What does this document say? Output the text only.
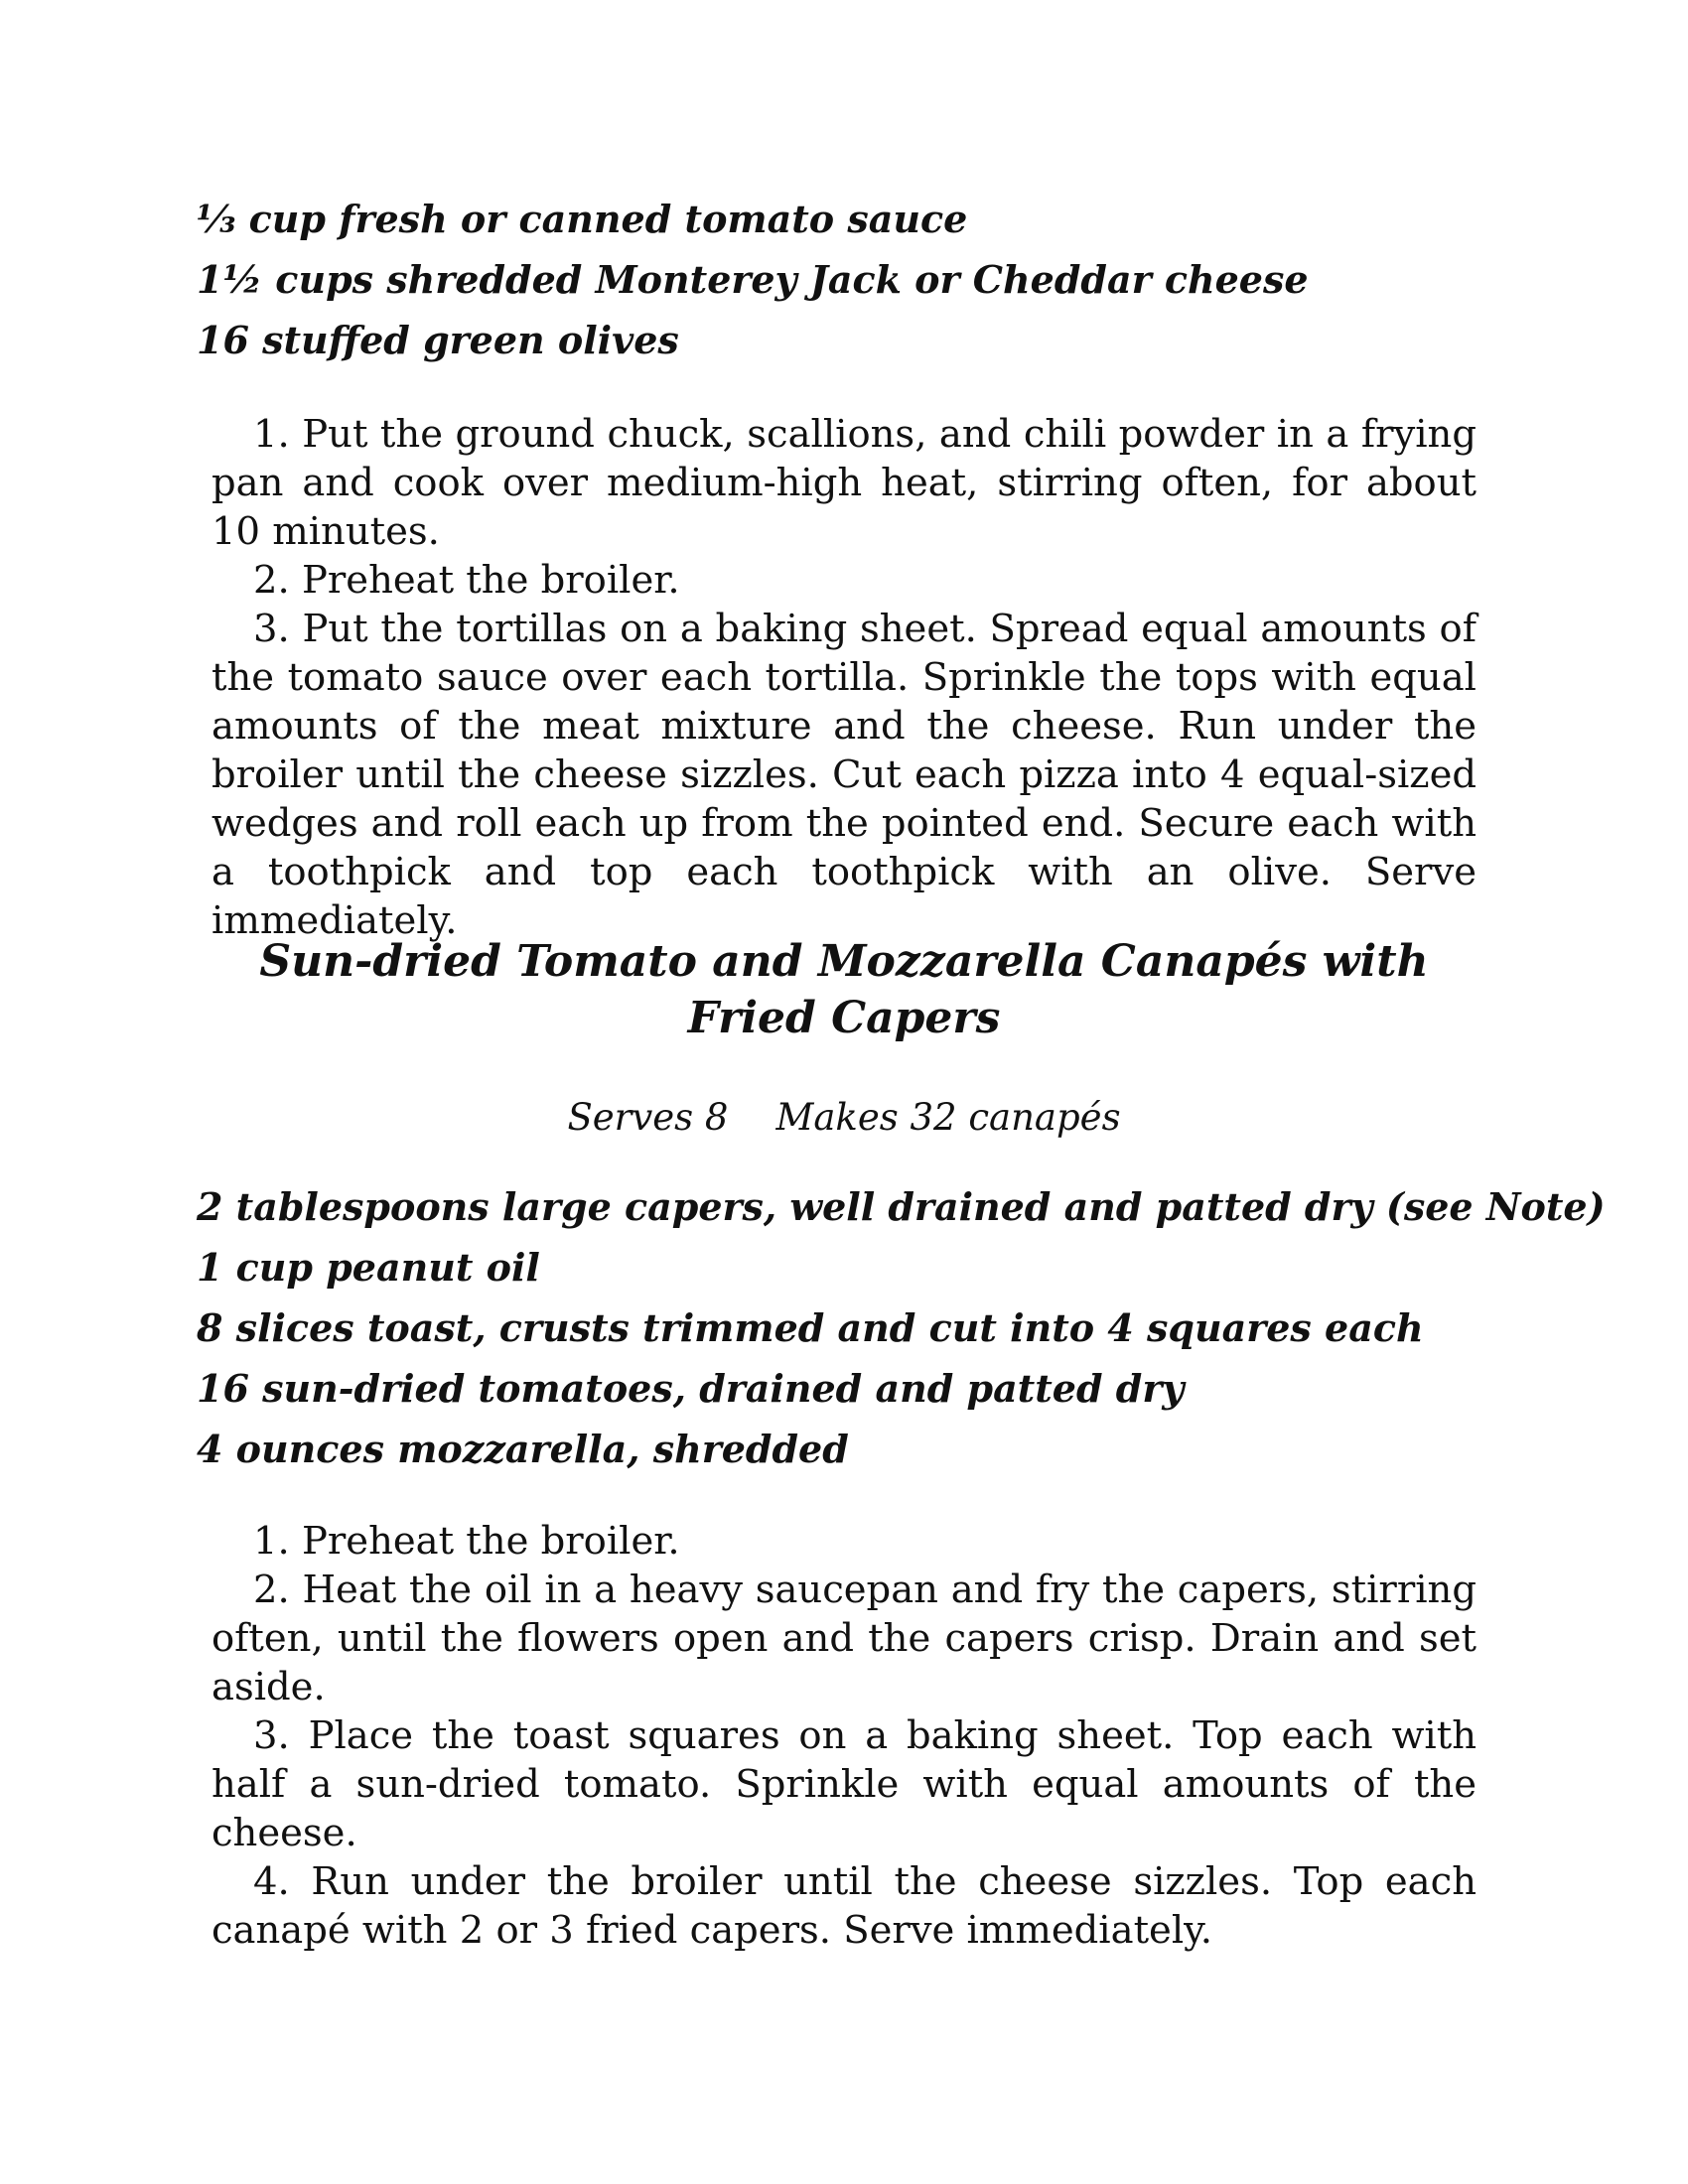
⅓ cup fresh or canned tomato sauce
1½ cups shredded Monterey Jack or Cheddar cheese
16 stuffed green olives

1. Put the ground chuck, scallions, and chili powder in a frying pan and cook over medium-high heat, stirring often, for about 10 minutes.

2. Preheat the broiler.

3. Put the tortillas on a baking sheet. Spread equal amounts of the tomato sauce over each tortilla. Sprinkle the tops with equal amounts of the meat mixture and the cheese. Run under the broiler until the cheese sizzles. Cut each pizza into 4 equal-sized wedges and roll each up from the pointed end. Secure each with a toothpick and top each toothpick with an olive. Serve immediately.

Sun-dried Tomato and Mozzarella Canapés with Fried Capers
Serves 8 Makes 32 canapés
2 tablespoons large capers, well drained and patted dry (see Note)
1 cup peanut oil
8 slices toast, crusts trimmed and cut into 4 squares each
16 sun-dried tomatoes, drained and patted dry
4 ounces mozzarella, shredded

1. Preheat the broiler.

2. Heat the oil in a heavy saucepan and fry the capers, stirring often, until the flowers open and the capers crisp. Drain and set aside.

3. Place the toast squares on a baking sheet. Top each with half a sun-dried tomato. Sprinkle with equal amounts of the cheese.

4. Run under the broiler until the cheese sizzles. Top each canapé with 2 or 3 fried capers. Serve immediately.
